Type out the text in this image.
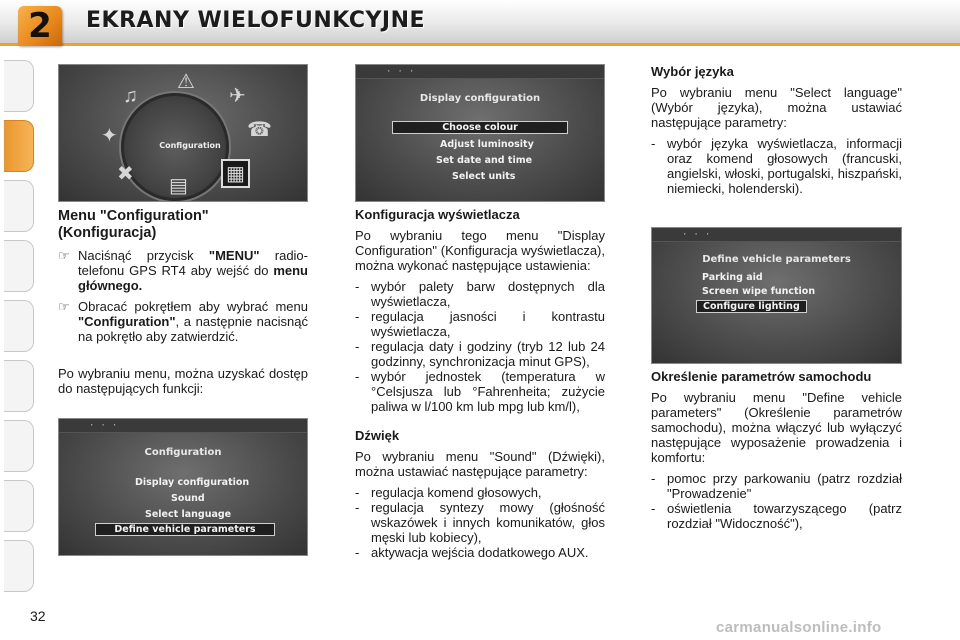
2	EKRANY WIELOFUNKCYJNE
Configuration
♫
⚠
✈
☎
✦
✖
▤
▦
···
Display configuration
Choose colour
Adjust luminosity
Set date and time
Select units
···
Configuration
Display configuration
Sound
Select language
Define vehicle parameters
···
Define vehicle parameters
Parking aid
Screen wipe function
Configure lighting
Menu "Configuration" (Konfiguracja)
☞ Naciśnąć przycisk "MENU" radio-telefonu GPS RT4 aby wejść do menu głównego.
☞ Obracać pokrętłem aby wybrać menu "Configuration", a następnie nacisnąć na pokrętło aby zatwierdzić.

Po wybraniu menu, można uzyskać dostęp do następujących funkcji:

Konfiguracja wyświetlacza

Po wybraniu tego menu "Display Configuration" (Konfiguracja wyświetlacza), można wykonać następujące ustawienia:

- wybór palety barw dostępnych dla wyświetlacza,
- regulacja jasności i kontrastu wyświetlacza,
- regulacja daty i godziny (tryb 12 lub 24 godzinny, synchronizacja minut GPS),
- wybór jednostek (temperatura w °Celsjusza lub °Fahrenheita; zużycie paliwa w l/100 km lub mpg lub km/l),
Dźwięk

Po wybraniu menu "Sound" (Dźwięki), można ustawiać następujące parametry:

- regulacja komend głosowych,
- regulacja syntezy mowy (głośność wskazówek i innych komunikatów, głos męski lub kobiecy),
- aktywacja wejścia dodatkowego AUX.
Wybór języka

Po wybraniu menu "Select language" (Wybór języka), można ustawiać następujące parametry:

- wybór języka wyświetlacza, informacji oraz komend głosowych (francuski, angielski, włoski, portugalski, hiszpański, niemiecki, holenderski).
Określenie parametrów samochodu

Po wybraniu menu "Define vehicle parameters" (Określenie parametrów samochodu), można włączyć lub wyłączyć następujące wyposażenie prowadzenia i komfortu:

- pomoc przy parkowaniu (patrz rozdział "Prowadzenie"
- oświetlenia towarzyszącego (patrz rozdział "Widoczność"),
32
carmanualsonline.info
